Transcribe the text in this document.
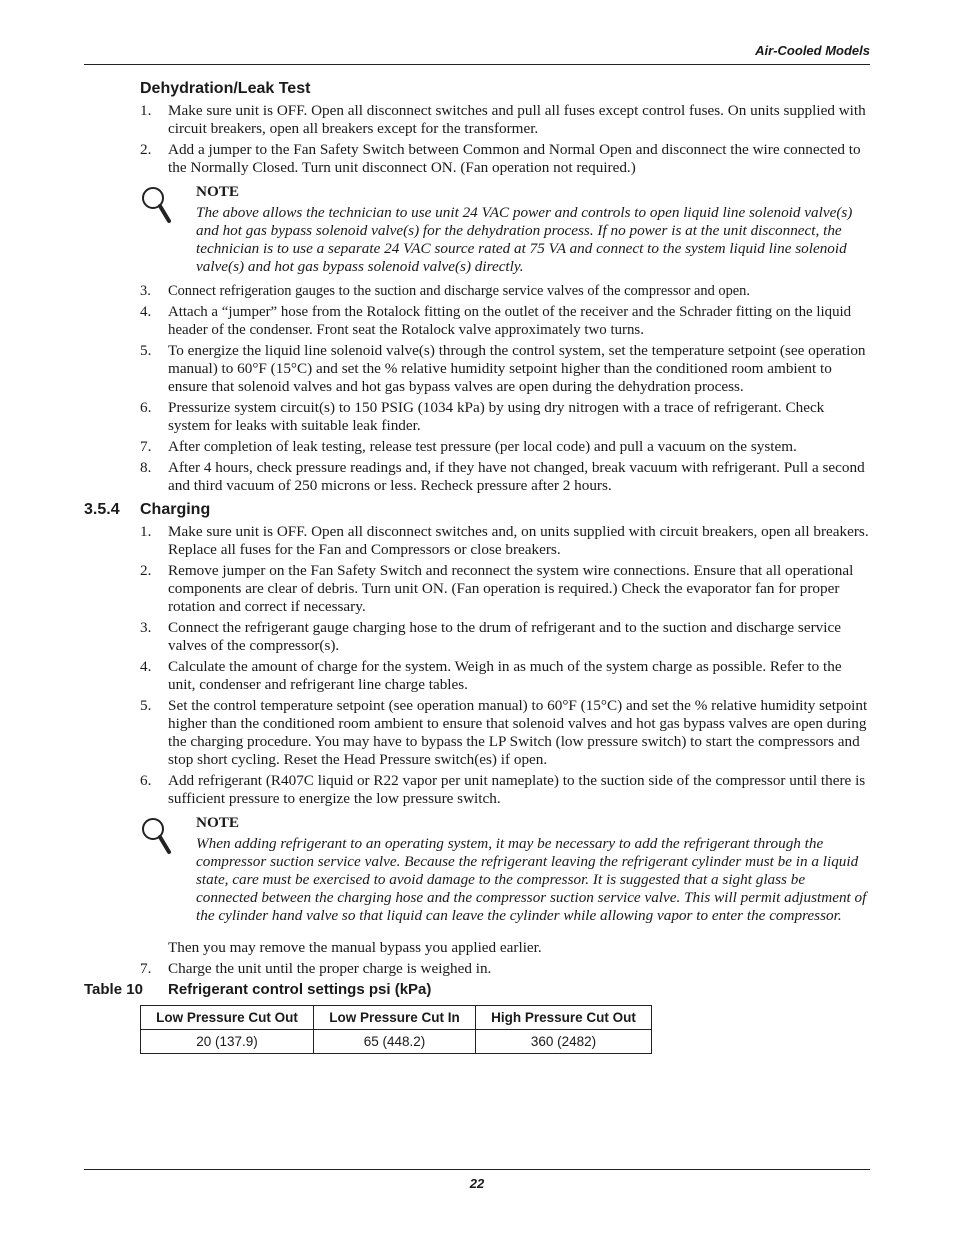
Air-Cooled Models
Dehydration/Leak Test
1. Make sure unit is OFF. Open all disconnect switches and pull all fuses except control fuses. On units supplied with circuit breakers, open all breakers except for the transformer.
2. Add a jumper to the Fan Safety Switch between Common and Normal Open and disconnect the wire connected to the Normally Closed. Turn unit disconnect ON. (Fan operation not required.)
NOTE
The above allows the technician to use unit 24 VAC power and controls to open liquid line solenoid valve(s) and hot gas bypass solenoid valve(s) for the dehydration process. If no power is at the unit disconnect, the technician is to use a separate 24 VAC source rated at 75 VA and connect to the system liquid line solenoid valve(s) and hot gas bypass solenoid valve(s) directly.
3. Connect refrigeration gauges to the suction and discharge service valves of the compressor and open.
4. Attach a “jumper” hose from the Rotalock fitting on the outlet of the receiver and the Schrader fitting on the liquid header of the condenser. Front seat the Rotalock valve approximately two turns.
5. To energize the liquid line solenoid valve(s) through the control system, set the temperature setpoint (see operation manual) to 60°F (15°C) and set the % relative humidity setpoint higher than the conditioned room ambient to ensure that solenoid valves and hot gas bypass valves are open during the dehydration process.
6. Pressurize system circuit(s) to 150 PSIG (1034 kPa) by using dry nitrogen with a trace of refrigerant. Check system for leaks with suitable leak finder.
7. After completion of leak testing, release test pressure (per local code) and pull a vacuum on the system.
8. After 4 hours, check pressure readings and, if they have not changed, break vacuum with refrigerant. Pull a second and third vacuum of 250 microns or less. Recheck pressure after 2 hours.
3.5.4 Charging
1. Make sure unit is OFF. Open all disconnect switches and, on units supplied with circuit breakers, open all breakers. Replace all fuses for the Fan and Compressors or close breakers.
2. Remove jumper on the Fan Safety Switch and reconnect the system wire connections. Ensure that all operational components are clear of debris. Turn unit ON. (Fan operation is required.) Check the evaporator fan for proper rotation and correct if necessary.
3. Connect the refrigerant gauge charging hose to the drum of refrigerant and to the suction and discharge service valves of the compressor(s).
4. Calculate the amount of charge for the system. Weigh in as much of the system charge as possible. Refer to the unit, condenser and refrigerant line charge tables.
5. Set the control temperature setpoint (see operation manual) to 60°F (15°C) and set the % relative humidity setpoint higher than the conditioned room ambient to ensure that solenoid valves and hot gas bypass valves are open during the charging procedure. You may have to bypass the LP Switch (low pressure switch) to start the compressors and stop short cycling. Reset the Head Pressure switch(es) if open.
6. Add refrigerant (R407C liquid or R22 vapor per unit nameplate) to the suction side of the compressor until there is sufficient pressure to energize the low pressure switch.
NOTE
When adding refrigerant to an operating system, it may be necessary to add the refrigerant through the compressor suction service valve. Because the refrigerant leaving the refrigerant cylinder must be in a liquid state, care must be exercised to avoid damage to the compressor. It is suggested that a sight glass be connected between the charging hose and the compressor suction service valve. This will permit adjustment of the cylinder hand valve so that liquid can leave the cylinder while allowing vapor to enter the compressor.
Then you may remove the manual bypass you applied earlier.
7. Charge the unit until the proper charge is weighed in.
Table 10 Refrigerant control settings psi (kPa)
Low Pressure Cut Out	Low Pressure Cut In	High Pressure Cut Out
20 (137.9)	65 (448.2)	360 (2482)
22
